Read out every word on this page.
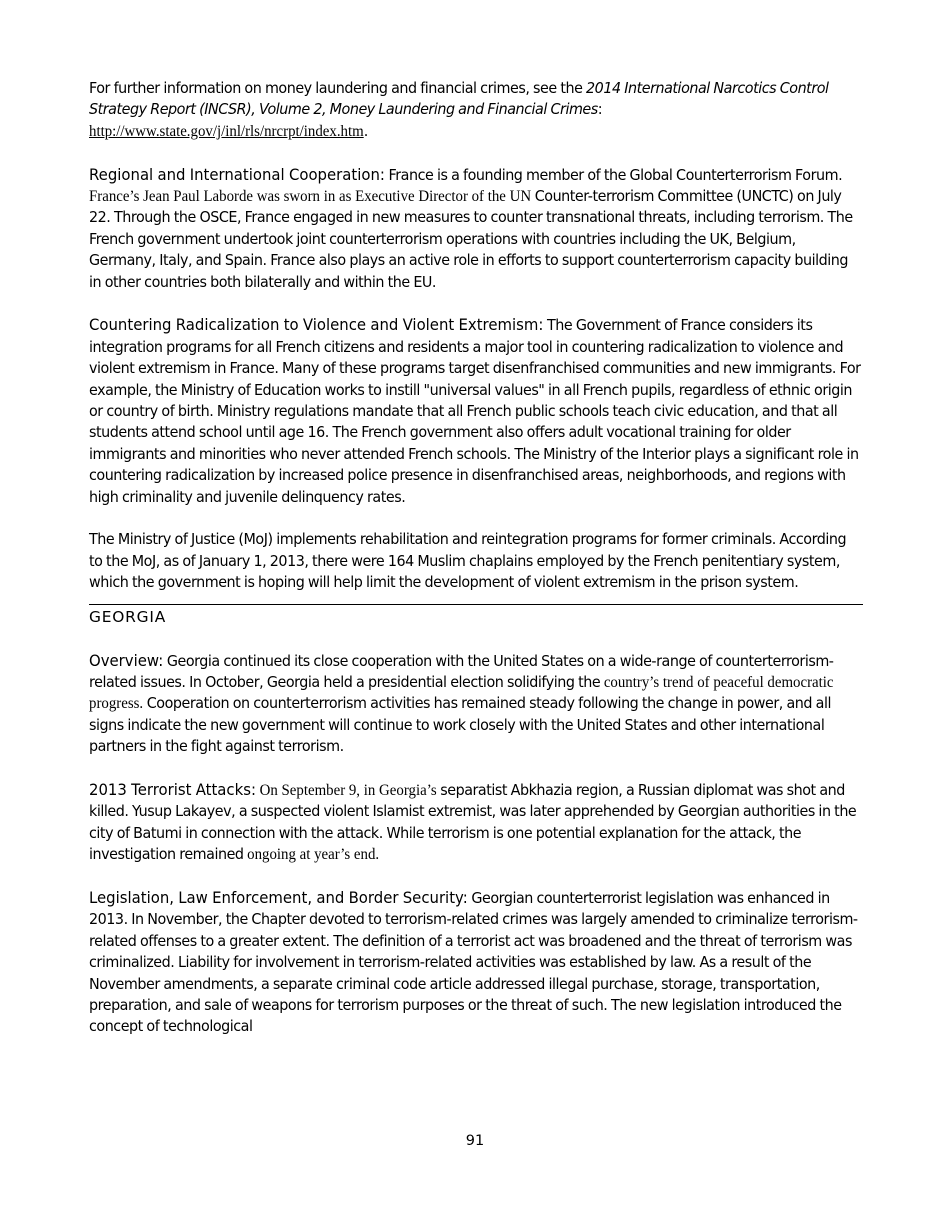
For further information on money laundering and financial crimes, see the 2014 International Narcotics Control Strategy Report (INCSR), Volume 2, Money Laundering and Financial Crimes:
http://www.state.gov/j/inl/rls/nrcrpt/index.htm.

Regional and International Cooperation: France is a founding member of the Global Counterterrorism Forum. France’s Jean Paul Laborde was sworn in as Executive Director of the UN Counter-terrorism Committee (UNCTC) on July 22. Through the OSCE, France engaged in new measures to counter transnational threats, including terrorism. The French government undertook joint counterterrorism operations with countries including the UK, Belgium, Germany, Italy, and Spain. France also plays an active role in efforts to support counterterrorism capacity building in other countries both bilaterally and within the EU.

Countering Radicalization to Violence and Violent Extremism: The Government of France considers its integration programs for all French citizens and residents a major tool in countering radicalization to violence and violent extremism in France. Many of these programs target disenfranchised communities and new immigrants. For example, the Ministry of Education works to instill "universal values" in all French pupils, regardless of ethnic origin or country of birth. Ministry regulations mandate that all French public schools teach civic education, and that all students attend school until age 16. The French government also offers adult vocational training for older immigrants and minorities who never attended French schools. The Ministry of the Interior plays a significant role in countering radicalization by increased police presence in disenfranchised areas, neighborhoods, and regions with high criminality and juvenile delinquency rates.

The Ministry of Justice (MoJ) implements rehabilitation and reintegration programs for former criminals. According to the MoJ, as of January 1, 2013, there were 164 Muslim chaplains employed by the French penitentiary system, which the government is hoping will help limit the development of violent extremism in the prison system.

GEORGIA

Overview: Georgia continued its close cooperation with the United States on a wide-range of counterterrorism-related issues. In October, Georgia held a presidential election solidifying the country’s trend of peaceful democratic progress. Cooperation on counterterrorism activities has remained steady following the change in power, and all signs indicate the new government will continue to work closely with the United States and other international partners in the fight against terrorism.

2013 Terrorist Attacks: On September 9, in Georgia’s separatist Abkhazia region, a Russian diplomat was shot and killed. Yusup Lakayev, a suspected violent Islamist extremist, was later apprehended by Georgian authorities in the city of Batumi in connection with the attack. While terrorism is one potential explanation for the attack, the investigation remained ongoing at year’s end.

Legislation, Law Enforcement, and Border Security: Georgian counterterrorist legislation was enhanced in 2013. In November, the Chapter devoted to terrorism-related crimes was largely amended to criminalize terrorism-related offenses to a greater extent. The definition of a terrorist act was broadened and the threat of terrorism was criminalized. Liability for involvement in terrorism-related activities was established by law. As a result of the November amendments, a separate criminal code article addressed illegal purchase, storage, transportation, preparation, and sale of weapons for terrorism purposes or the threat of such. The new legislation introduced the concept of technological

91
